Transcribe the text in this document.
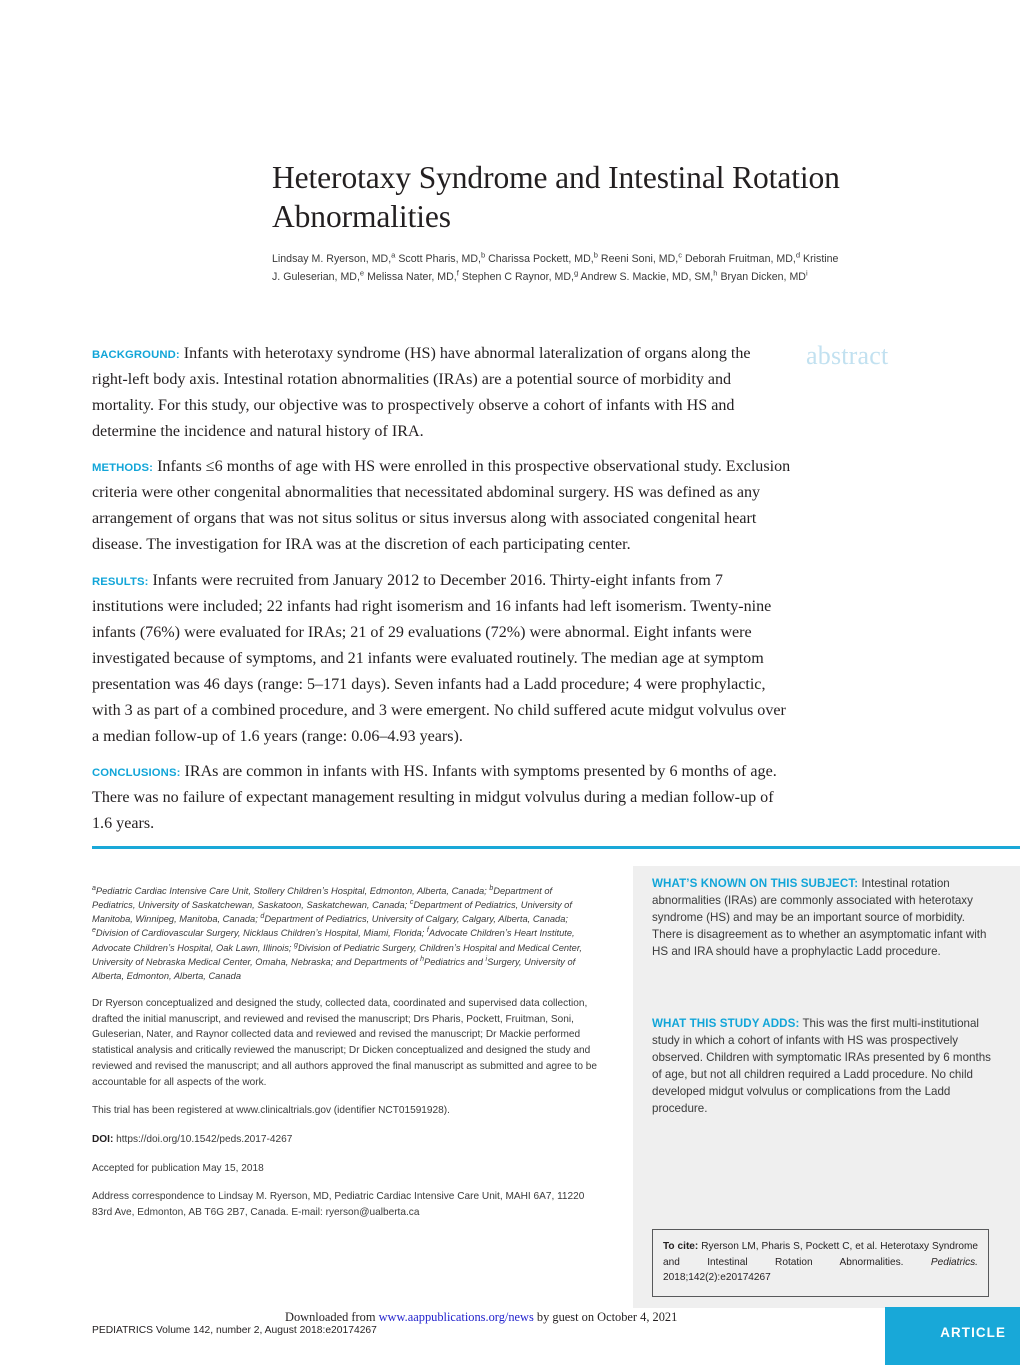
Heterotaxy Syndrome and Intestinal Rotation Abnormalities
Lindsay M. Ryerson, MD,$^a$ Scott Pharis, MD,$^b$ Charissa Pockett, MD,$^b$ Reeni Soni, MD,$^c$ Deborah Fruitman, MD,$^d$ Kristine
J. Guleserian, MD,$^e$ Melissa Nater, MD,$^f$ Stephen C Raynor, MD,$^g$ Andrew S. Mackie, MD, SM,$^h$ Bryan Dicken, $MD^i$
abstract

BACKGROUND: Infants with heterotaxy syndrome (HS) have abnormal lateralization of organs along the right-left body axis. Intestinal rotation abnormalities (IRAs) are a potential source of morbidity and mortality. For this study, our objective was to prospectively observe a cohort of infants with HS and determine the incidence and natural history of IRA.

METHODS: Infants ≤6 months of age with HS were enrolled in this prospective observational study. Exclusion criteria were other congenital abnormalities that necessitated abdominal surgery. HS was defined as any arrangement of organs that was not situs solitus or situs inversus along with associated congenital heart disease. The investigation for IRA was at the discretion of each participating center.

RESULTS: Infants were recruited from January 2012 to December 2016. Thirty-eight infants from 7 institutions were included; 22 infants had right isomerism and 16 infants had left isomerism. Twenty-nine infants (76%) were evaluated for IRAs; 21 of 29 evaluations (72%) were abnormal. Eight infants were investigated because of symptoms, and 21 infants were evaluated routinely. The median age at symptom presentation was 46 days (range: 5–171 days). Seven infants had a Ladd procedure; 4 were prophylactic, with 3 as part of a combined procedure, and 3 were emergent. No child suffered acute midgut volvulus over a median follow-up of 1.6 years (range: 0.06–4.93 years).

CONCLUSIONS: IRAs are common in infants with HS. Infants with symptoms presented by 6 months of age. There was no failure of expectant management resulting in midgut volvulus during a median follow-up of 1.6 years.

$^a$Pediatric Cardiac Intensive Care Unit, Stollery Childrenʼs Hospital, Edmonton, Alberta, Canada; $^b$Department of Pediatrics, University of Saskatchewan, Saskatoon, Saskatchewan, Canada; $^c$Department of Pediatrics, University of Manitoba, Winnipeg, Manitoba, Canada; $^d$Department of Pediatrics, University of Calgary, Calgary, Alberta, Canada; $^e$Division of Cardiovascular Surgery, Nicklaus Childrenʼs Hospital, Miami, Florida; $^f$Advocate Childrenʼs Heart Institute, Advocate Childrenʼs Hospital, Oak Lawn, Illinois; $^g$Division of Pediatric Surgery, Childrenʼs Hospital and Medical Center, University of Nebraska Medical Center, Omaha, Nebraska; and Departments of $^h$Pediatrics and $^i$Surgery, University of Alberta, Edmonton, Alberta, Canada

Dr Ryerson conceptualized and designed the study, collected data, coordinated and supervised data collection, drafted the initial manuscript, and reviewed and revised the manuscript; Drs Pharis, Pockett, Fruitman, Soni, Guleserian, Nater, and Raynor collected data and reviewed and revised the manuscript; Dr Mackie performed statistical analysis and critically reviewed the manuscript; Dr Dicken conceptualized and designed the study and reviewed and revised the manuscript; and all authors approved the final manuscript as submitted and agree to be accountable for all aspects of the work.

This trial has been registered at www.clinicaltrials.gov (identifier NCT01591928).

DOI: https://doi.org/10.1542/peds.2017-4267

Accepted for publication May 15, 2018

Address correspondence to Lindsay M. Ryerson, MD, Pediatric Cardiac Intensive Care Unit, MAHI 6A7, 11220 83rd Ave, Edmonton, AB T6G 2B7, Canada. E-mail: ryerson@ualberta.ca

WHAT’S KNOWN ON THIS SUBJECT: Intestinal rotation abnormalities (IRAs) are commonly associated with heterotaxy syndrome (HS) and may be an important source of morbidity. There is disagreement as to whether an asymptomatic infant with HS and IRA should have a prophylactic Ladd procedure.
WHAT THIS STUDY ADDS: This was the first multi-institutional study in which a cohort of infants with HS was prospectively observed. Children with symptomatic IRAs presented by 6 months of age, but not all children required a Ladd procedure. No child developed midgut volvulus or complications from the Ladd procedure.
To cite: Ryerson LM, Pharis S, Pockett C, et al. Heterotaxy Syndrome and Intestinal Rotation Abnormalities.	Pediatrics. 2018;142(2):e20174267
Downloaded from www.aappublications.org/news by guest on October 4, 2021
PEDIATRICS Volume 142, number 2, August 2018:e20174267	ARTICLE
